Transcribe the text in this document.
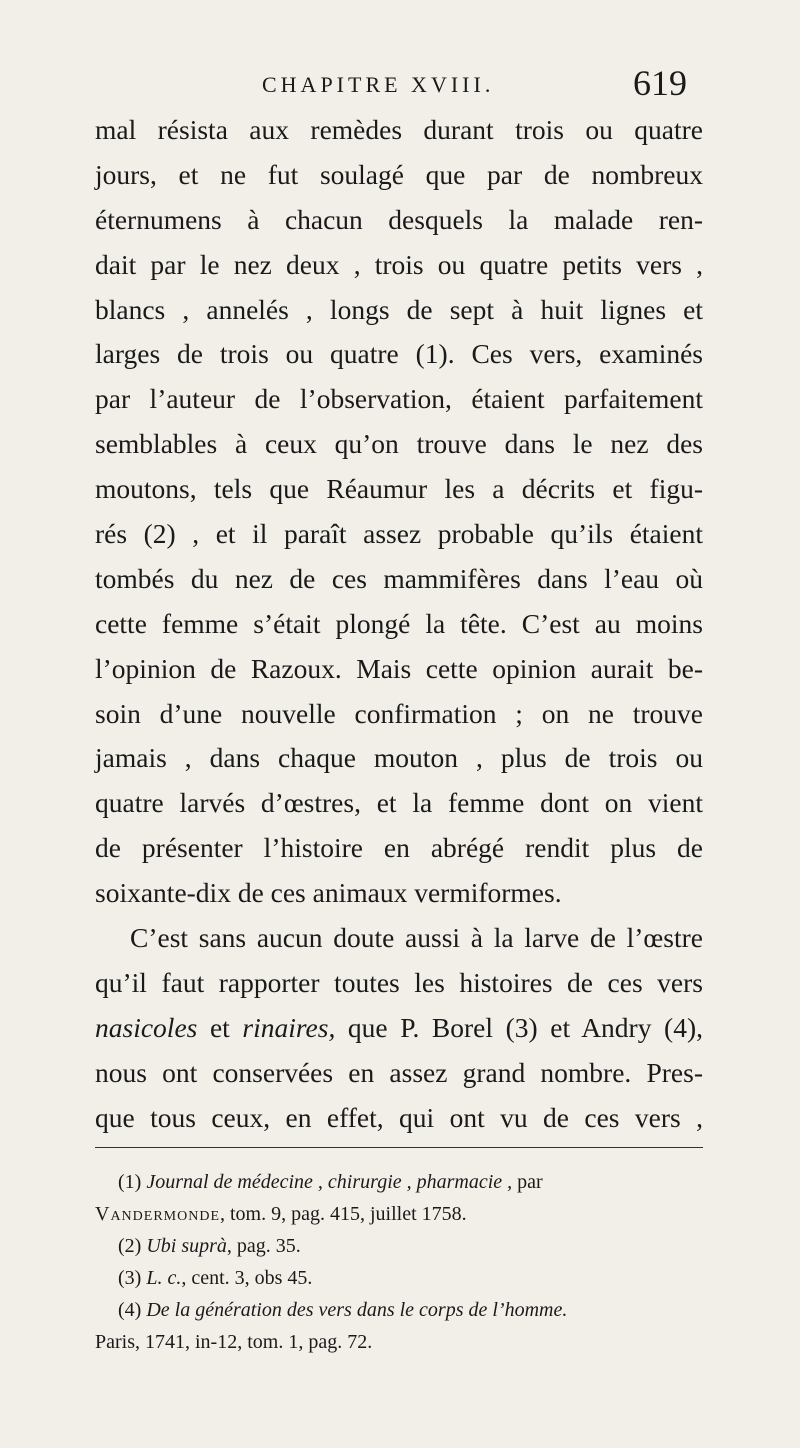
CHAPITRE XVIII.	619
mal résista aux remèdes durant trois ou quatre
jours, et ne fut soulagé que par de nombreux
éternumens à chacun desquels la malade ren-
dait par le nez deux , trois ou quatre petits vers ,
blancs , annelés , longs de sept à huit lignes et
larges de trois ou quatre (1). Ces vers, examinés
par l’auteur de l’observation, étaient parfaitement
semblables à ceux qu’on trouve dans le nez des
moutons, tels que Réaumur les a décrits et figu-
rés (2) , et il paraît assez probable qu’ils étaient
tombés du nez de ces mammifères dans l’eau où
cette femme s’était plongé la tête. C’est au moins
l’opinion de Razoux. Mais cette opinion aurait be-
soin d’une nouvelle confirmation ; on ne trouve
jamais , dans chaque mouton , plus de trois ou
quatre larvés d’œstres, et la femme dont on vient
de présenter l’histoire en abrégé rendit plus de
soixante-dix de ces animaux vermiformes.
C’est sans aucun doute aussi à la larve de l’œstre
qu’il faut rapporter toutes les histoires de ces vers
nasicoles et rinaires, que P. Borel (3) et Andry (4),
nous ont conservées en assez grand nombre. Pres-
que tous ceux, en effet, qui ont vu de ces vers ,
(1) Journal de médecine , chirurgie , pharmacie , par
Vandermonde, tom. 9, pag. 415, juillet 1758.
(2) Ubi suprà, pag. 35.
(3) L. c., cent. 3, obs 45.
(4) De la génération des vers dans le corps de l’homme.
Paris, 1741, in-12, tom. 1, pag. 72.
